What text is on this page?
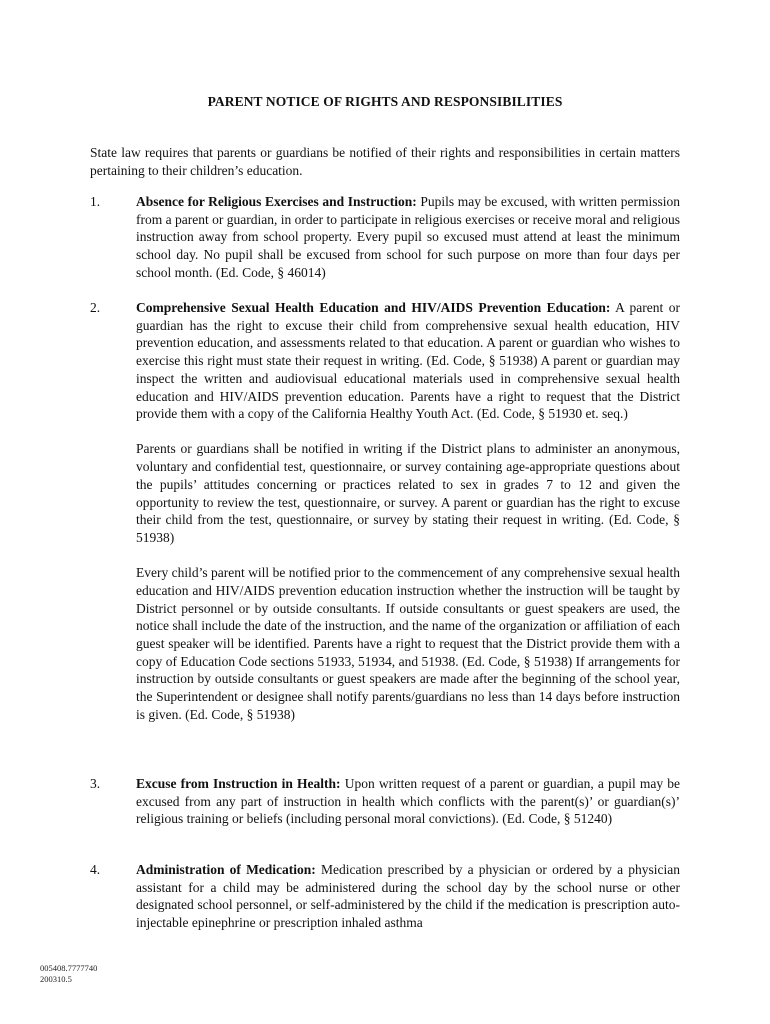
PARENT NOTICE OF RIGHTS AND RESPONSIBILITIES
State law requires that parents or guardians be notified of their rights and responsibilities in certain matters pertaining to their children’s education.
1.	Absence for Religious Exercises and Instruction: Pupils may be excused, with written permission from a parent or guardian, in order to participate in religious exercises or receive moral and religious instruction away from school property. Every pupil so excused must attend at least the minimum school day. No pupil shall be excused from school for such purpose on more than four days per school month. (Ed. Code, § 46014)

2.	Comprehensive Sexual Health Education and HIV/AIDS Prevention Education: A parent or guardian has the right to excuse their child from comprehensive sexual health education, HIV prevention education, and assessments related to that education. A parent or guardian who wishes to exercise this right must state their request in writing. (Ed. Code, § 51938) A parent or guardian may inspect the written and audiovisual educational materials used in comprehensive sexual health education and HIV/AIDS prevention education. Parents have a right to request that the District provide them with a copy of the California Healthy Youth Act. (Ed. Code, § 51930 et. seq.)

Parents or guardians shall be notified in writing if the District plans to administer an anonymous, voluntary and confidential test, questionnaire, or survey containing age-appropriate questions about the pupils’ attitudes concerning or practices related to sex in grades 7 to 12 and given the opportunity to review the test, questionnaire, or survey. A parent or guardian has the right to excuse their child from the test, questionnaire, or survey by stating their request in writing. (Ed. Code, § 51938)

Every child’s parent will be notified prior to the commencement of any comprehensive sexual health education and HIV/AIDS prevention education instruction whether the instruction will be taught by District personnel or by outside consultants. If outside consultants or guest speakers are used, the notice shall include the date of the instruction, and the name of the organization or affiliation of each guest speaker will be identified. Parents have a right to request that the District provide them with a copy of Education Code sections 51933, 51934, and 51938. (Ed. Code, § 51938) If arrangements for instruction by outside consultants or guest speakers are made after the beginning of the school year, the Superintendent or designee shall notify parents/guardians no less than 14 days before instruction is given. (Ed. Code, § 51938)

3.	Excuse from Instruction in Health: Upon written request of a parent or guardian, a pupil may be excused from any part of instruction in health which conflicts with the parent(s)’ or guardian(s)’ religious training or beliefs (including personal moral convictions). (Ed. Code, § 51240)

4.	Administration of Medication: Medication prescribed by a physician or ordered by a physician assistant for a child may be administered during the school day by the school nurse or other designated school personnel, or self-administered by the child if the medication is prescription auto-injectable epinephrine or prescription inhaled asthma

005408.7777740
200310.5
